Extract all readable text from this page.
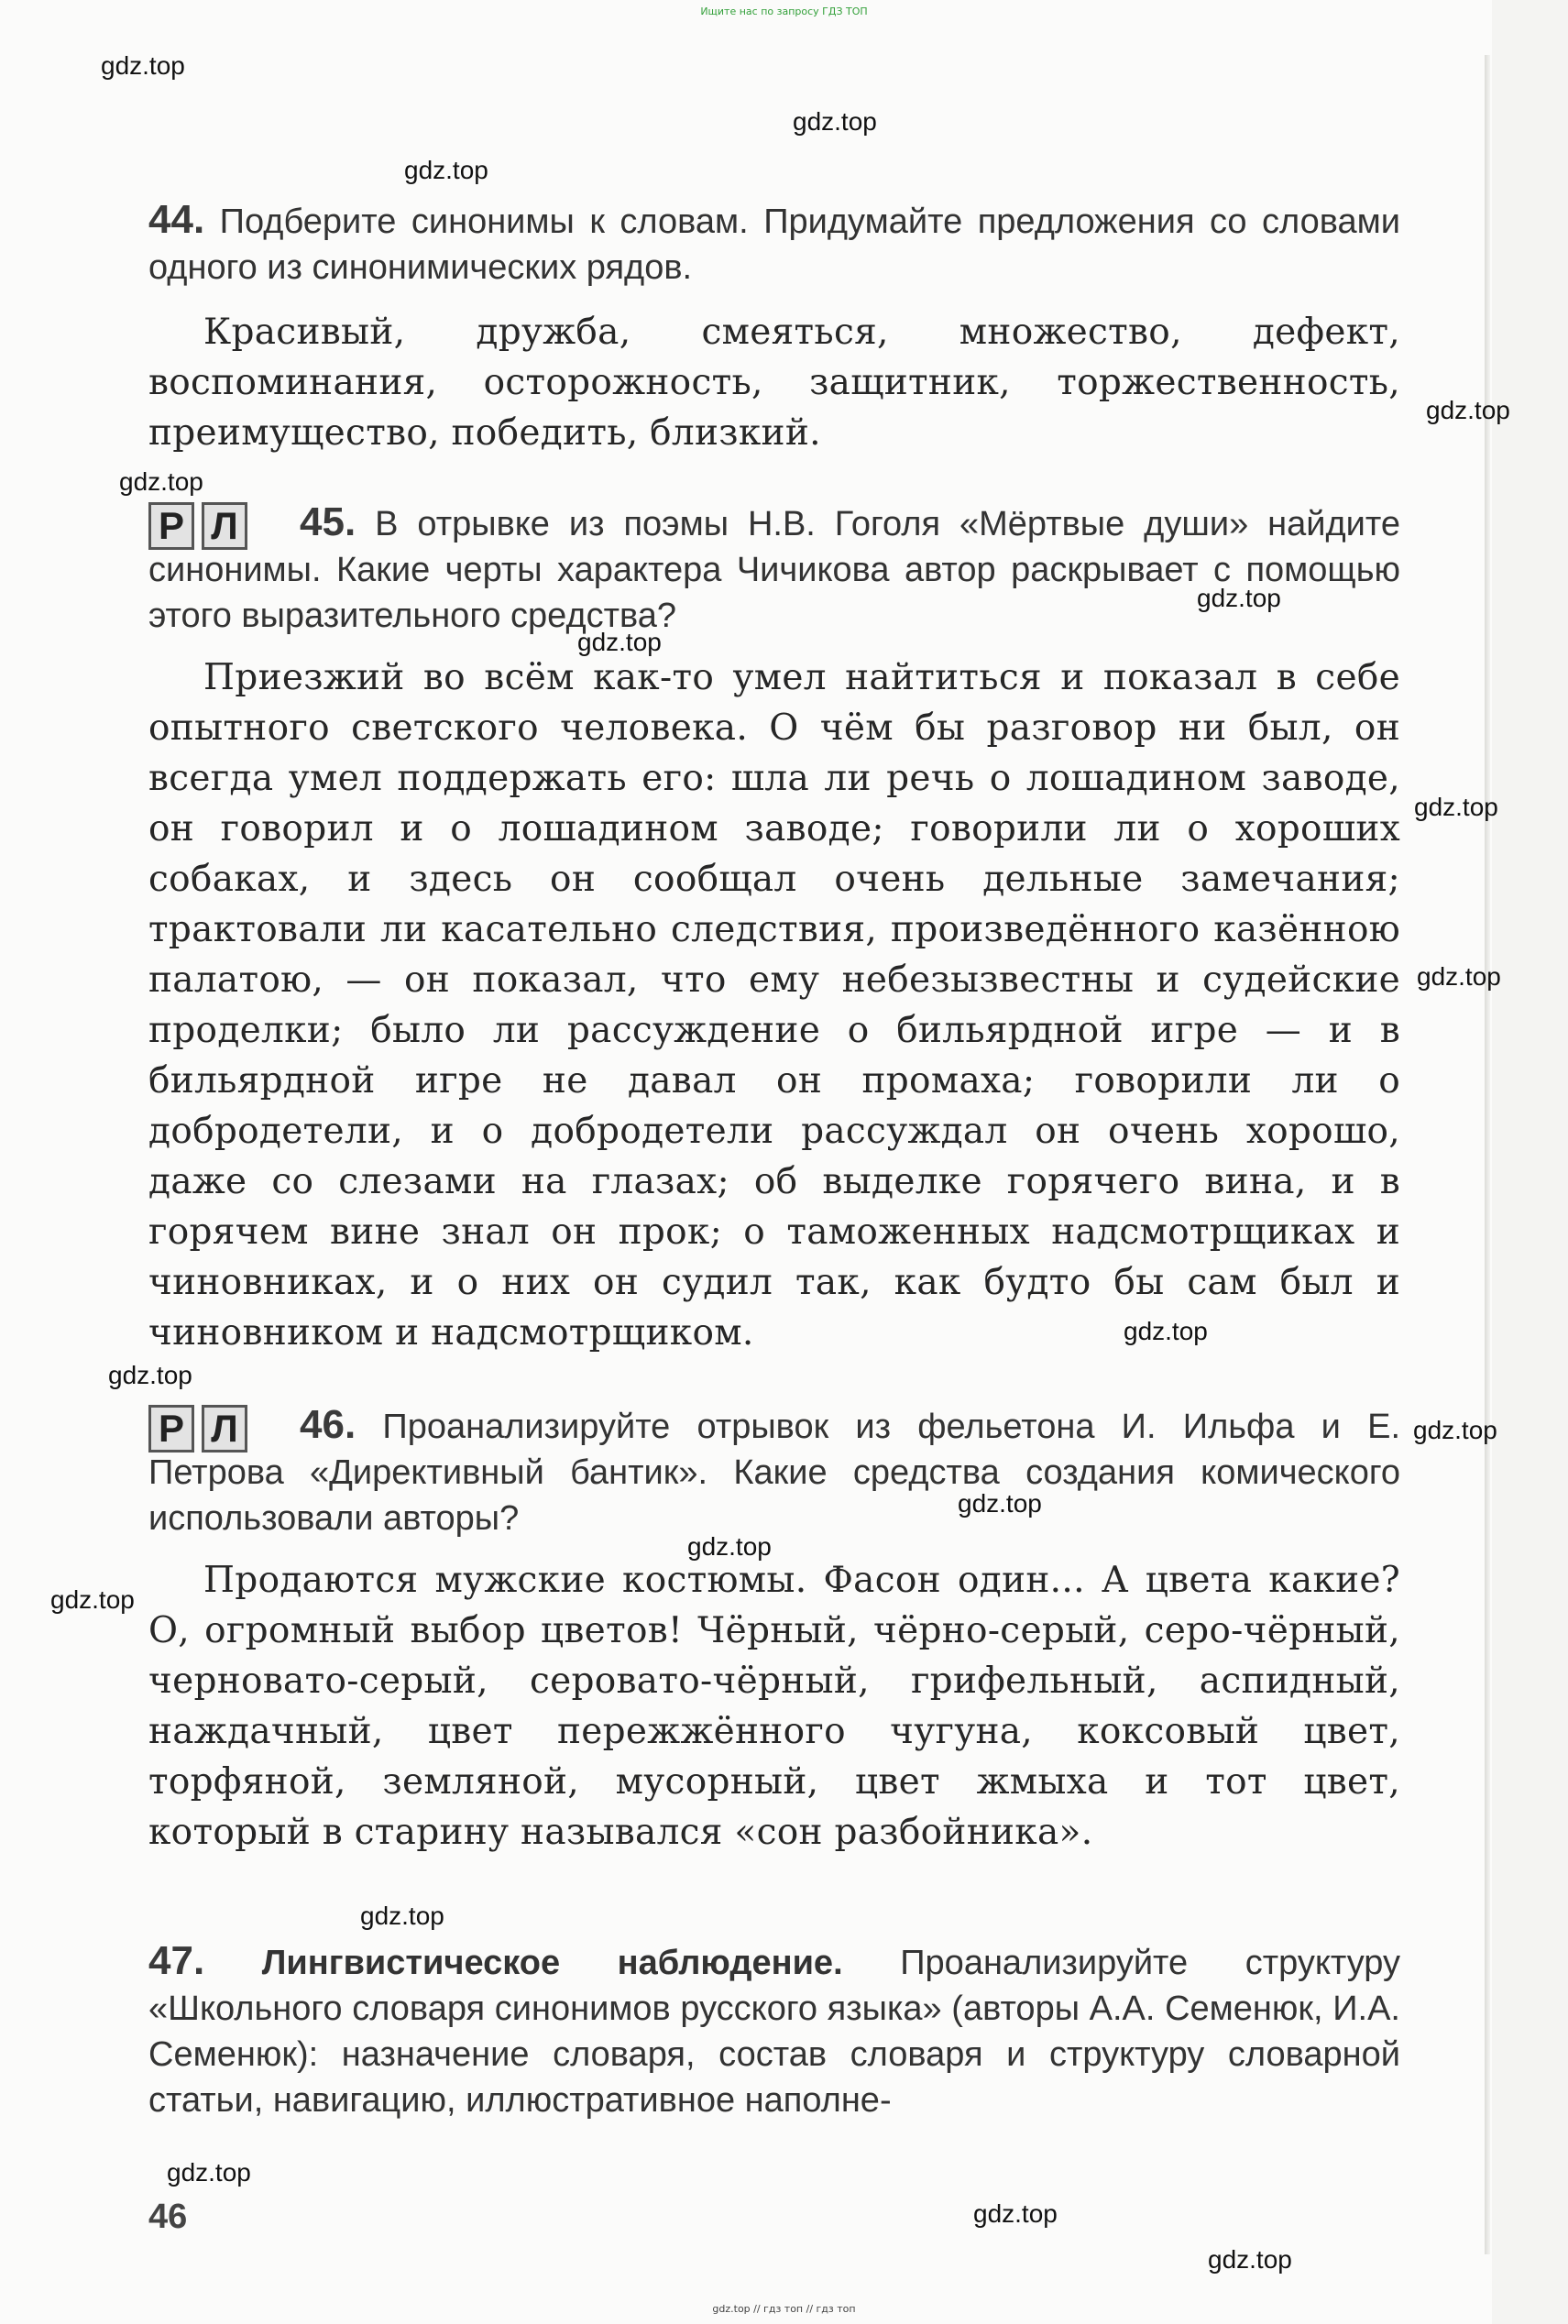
Ищите нас по запросу ГДЗ ТОП
gdz.top
gdz.top
gdz.top
gdz.top
gdz.top
gdz.top
gdz.top
gdz.top
gdz.top
gdz.top
gdz.top
gdz.top
gdz.top
gdz.top
gdz.top
gdz.top
gdz.top
gdz.top
gdz.top

44. Подберите синонимы к словам. Придумайте предложения со словами одного из синонимических рядов.

Красивый, дружба, смеяться, множество, дефект, воспоминания, осторожность, защитник, торжественность, преимущество, победить, близкий.

Р Л	45. В отрывке из поэмы Н.В. Гоголя «Мёртвые души» найдите синонимы. Какие черты характера Чичикова автор раскрывает с помощью этого выразительного средства?

Приезжий во всём как-то умел найтиться и показал в себе опытного светского человека. О чём бы разговор ни был, он всегда умел поддержать его: шла ли речь о лошадином заводе, он говорил и о лошадином заводе; говорили ли о хороших собаках, и здесь он сообщал очень дельные замечания; трактовали ли касательно следствия, произведённого казённою палатою, — он показал, что ему небезызвестны и судейские проделки; было ли рассуждение о бильярдной игре — и в бильярдной игре не давал он промаха; говорили ли о добродетели, и о добродетели рассуждал он очень хорошо, даже со слезами на глазах; об выделке горячего вина, и в горячем вине знал он прок; о таможенных надсмотрщиках и чиновниках, и о них он судил так, как будто бы сам был и чиновником и надсмотрщиком.

Р Л	46. Проанализируйте отрывок из фельетона И. Ильфа и Е. Петрова «Директивный бантик». Какие средства создания комического использовали авторы?

Продаются мужские костюмы. Фасон один... А цвета какие? О, огромный выбор цветов! Чёрный, чёрно-серый, серо-чёрный, черновато-серый, серовато-чёрный, грифельный, аспидный, наждачный, цвет пережжённого чугуна, коксовый цвет, торфяной, земляной, мусорный, цвет жмыха и тот цвет, который в старину назывался «сон разбойника».

47. Лингвистическое наблюдение. Проанализируйте структуру «Школьного словаря синонимов русского языка» (авторы А.А. Семенюк, И.А. Семенюк): назначение словаря, состав словаря и структуру словарной статьи, навигацию, иллюстративное наполне-

46
gdz.top // гдз топ // гдз топ
